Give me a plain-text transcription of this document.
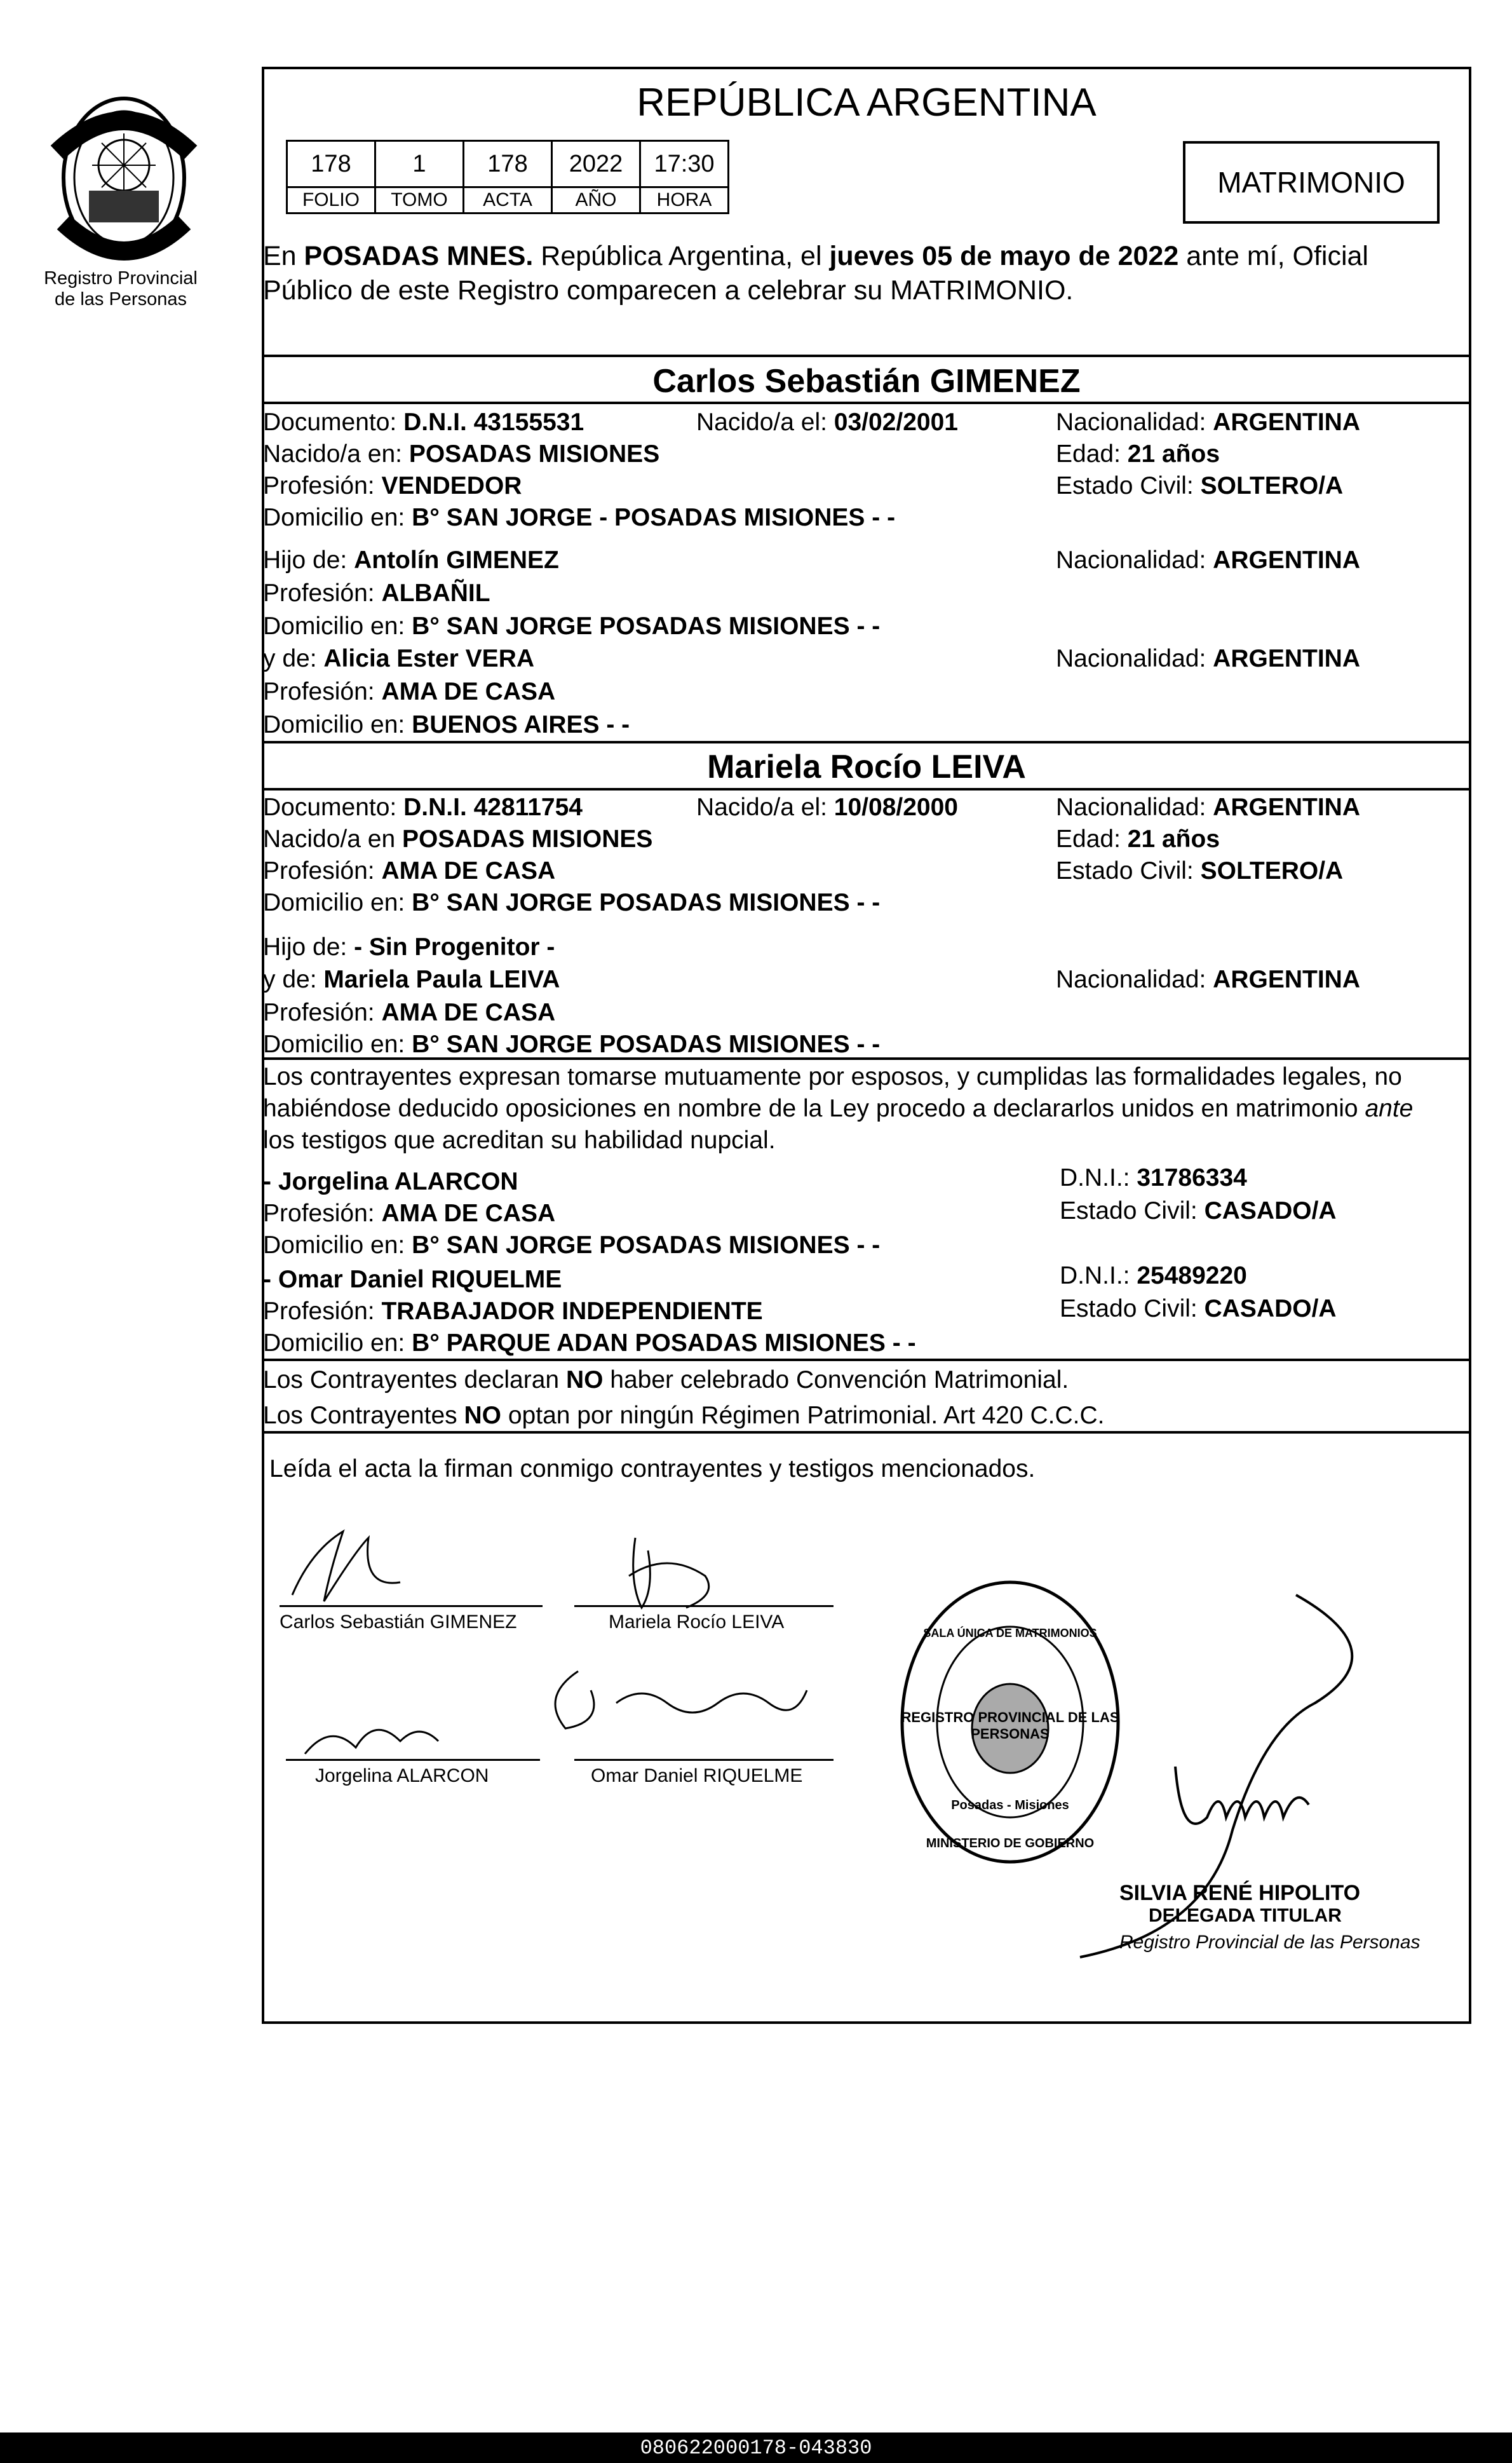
Registro Provincial
de las Personas
REPÚBLICA ARGENTINA
178	1	178	2022	17:30
FOLIO	TOMO	ACTA	AÑO	HORA
MATRIMONIO
En POSADAS MNES. República Argentina, el jueves 05 de mayo de 2022 ante mí, Oficial
Público de este Registro comparecen a celebrar su MATRIMONIO.
Carlos Sebastián GIMENEZ
Documento: D.N.I. 43155531	Nacido/a el: 03/02/2001	Nacionalidad: ARGENTINA
Nacido/a en: POSADAS MISIONES	Edad: 21 años
Profesión: VENDEDOR	Estado Civil: SOLTERO/A
Domicilio en: B° SAN JORGE - POSADAS MISIONES - -
Hijo de: Antolín GIMENEZ	Nacionalidad: ARGENTINA
Profesión: ALBAÑIL
Domicilio en: B° SAN JORGE POSADAS MISIONES - -
y de: Alicia Ester VERA	Nacionalidad: ARGENTINA
Profesión: AMA DE CASA
Domicilio en: BUENOS AIRES - -
Mariela Rocío LEIVA
Documento: D.N.I. 42811754	Nacido/a el: 10/08/2000	Nacionalidad: ARGENTINA
Nacido/a en POSADAS MISIONES	Edad: 21 años
Profesión: AMA DE CASA	Estado Civil: SOLTERO/A
Domicilio en: B° SAN JORGE POSADAS MISIONES - -
Hijo de: - Sin Progenitor -
y de: Mariela Paula LEIVA	Nacionalidad: ARGENTINA
Profesión: AMA DE CASA
Domicilio en: B° SAN JORGE POSADAS MISIONES - -
Los contrayentes expresan tomarse mutuamente por esposos, y cumplidas las formalidades legales, no
habiéndose deducido oposiciones en nombre de la Ley procedo a declararlos unidos en matrimonio ante
los testigos que acreditan su habilidad nupcial.
- Jorgelina ALARCON	D.N.I.: 31786334
Profesión: AMA DE CASA	Estado Civil: CASADO/A
Domicilio en: B° SAN JORGE POSADAS MISIONES - -
- Omar Daniel RIQUELME	D.N.I.: 25489220
Profesión: TRABAJADOR INDEPENDIENTE	Estado Civil: CASADO/A
Domicilio en: B° PARQUE ADAN POSADAS MISIONES - -
Los Contrayentes declaran NO haber celebrado Convención Matrimonial.
Los Contrayentes NO optan por ningún Régimen Patrimonial. Art 420 C.C.C.
Leída el acta la firman conmigo contrayentes y testigos mencionados.
Carlos Sebastián GIMENEZ	Mariela Rocío LEIVA
Jorgelina ALARCON	Omar Daniel RIQUELME
REGISTRO PROVINCIAL DE LAS PERSONAS
SALA ÚNICA DE MATRIMONIOS
Posadas - Misiones
MINISTERIO DE GOBIERNO
SILVIA RENÉ HIPOLITO
DELEGADA TITULAR
Registro Provincial de las Personas
080622000178-043830
